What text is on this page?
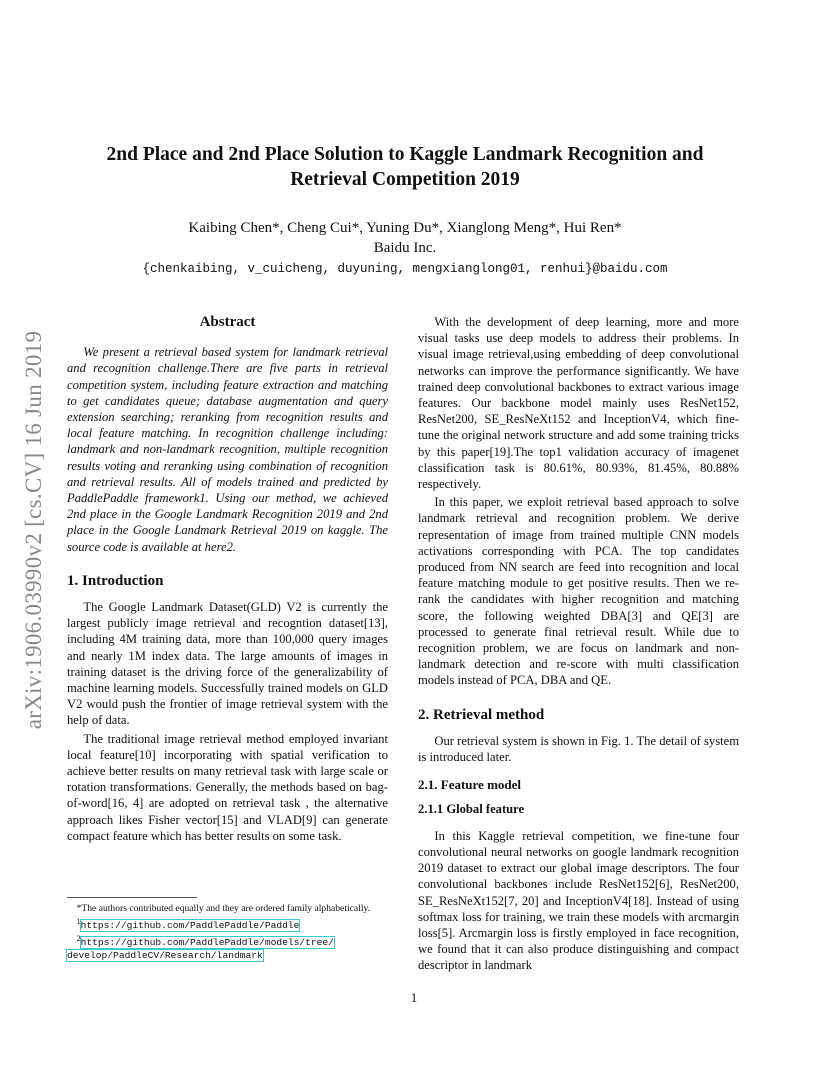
arXiv:1906.03990v2 [cs.CV] 16 Jun 2019
2nd Place and 2nd Place Solution to Kaggle Landmark Recognition and
Retrieval Competition 2019
Kaibing Chen*, Cheng Cui*, Yuning Du*, Xianglong Meng*, Hui Ren*
Baidu Inc.
{chenkaibing, v_cuicheng, duyuning, mengxianglong01, renhui}@baidu.com
Abstract

We present a retrieval based system for landmark retrieval and recognition challenge.There are five parts in retrieval competition system, including feature extraction and matching to get candidates queue; database augmentation and query extension searching; reranking from recognition results and local feature matching. In recognition challenge including: landmark and non-landmark recognition, multiple recognition results voting and reranking using combination of recognition and retrieval results. All of models trained and predicted by PaddlePaddle framework1. Using our method, we achieved 2nd place in the Google Landmark Recognition 2019 and 2nd place in the Google Landmark Retrieval 2019 on kaggle. The source code is available at here2.

1. Introduction

The Google Landmark Dataset(GLD) V2 is currently the largest publicly image retrieval and recogntion dataset[13], including 4M training data, more than 100,000 query images and nearly 1M index data. The large amounts of images in training dataset is the driving force of the generalizability of machine learning models. Successfully trained models on GLD V2 would push the frontier of image retrieval system with the help of data.

The traditional image retrieval method employed invariant local feature[10] incorporating with spatial verification to achieve better results on many retrieval task with large scale or rotation transformations. Generally, the methods based on bag-of-word[16, 4] are adopted on retrieval task , the alternative approach likes Fisher vector[15] and VLAD[9] can generate compact feature which has better results on some task.

*The authors contributed equally and they are ordered family alphabetically.

$^1$https://github.com/PaddlePaddle/Paddle

$^2$https://github.com/PaddlePaddle/models/tree/

develop/PaddleCV/Research/landmark

With the development of deep learning, more and more visual tasks use deep models to address their problems. In visual image retrieval,using embedding of deep convolutional networks can improve the performance significantly. We have trained deep convolutional backbones to extract various image features. Our backbone model mainly uses ResNet152, ResNet200, SE_ResNeXt152 and InceptionV4, which fine-tune the original network structure and add some training tricks by this paper[19].The top1 validation accuracy of imagenet classification task is 80.61%, 80.93%, 81.45%, 80.88% respectively.

In this paper, we exploit retrieval based approach to solve landmark retrieval and recognition problem. We derive representation of image from trained multiple CNN models activations corresponding with PCA. The top candidates produced from NN search are feed into recognition and local feature matching module to get positive results. Then we re-rank the candidates with higher recognition and matching score, the following weighted DBA[3] and QE[3] are processed to generate final retrieval result. While due to recognition problem, we are focus on landmark and non-landmark detection and re-score with multi classification models instead of PCA, DBA and QE.

2. Retrieval method

Our retrieval system is shown in Fig. 1. The detail of system is introduced later.

2.1. Feature model
2.1.1 Global feature

In this Kaggle retrieval competition, we fine-tune four convolutional neural networks on google landmark recognition 2019 dataset to extract our global image descriptors. The four convolutional backbones include ResNet152[6], ResNet200, SE_ResNeXt152[7, 20] and InceptionV4[18]. Instead of using softmax loss for training, we train these models with arcmargin loss[5]. Arcmargin loss is firstly employed in face recognition, we found that it can also produce distinguishing and compact descriptor in landmark

1
